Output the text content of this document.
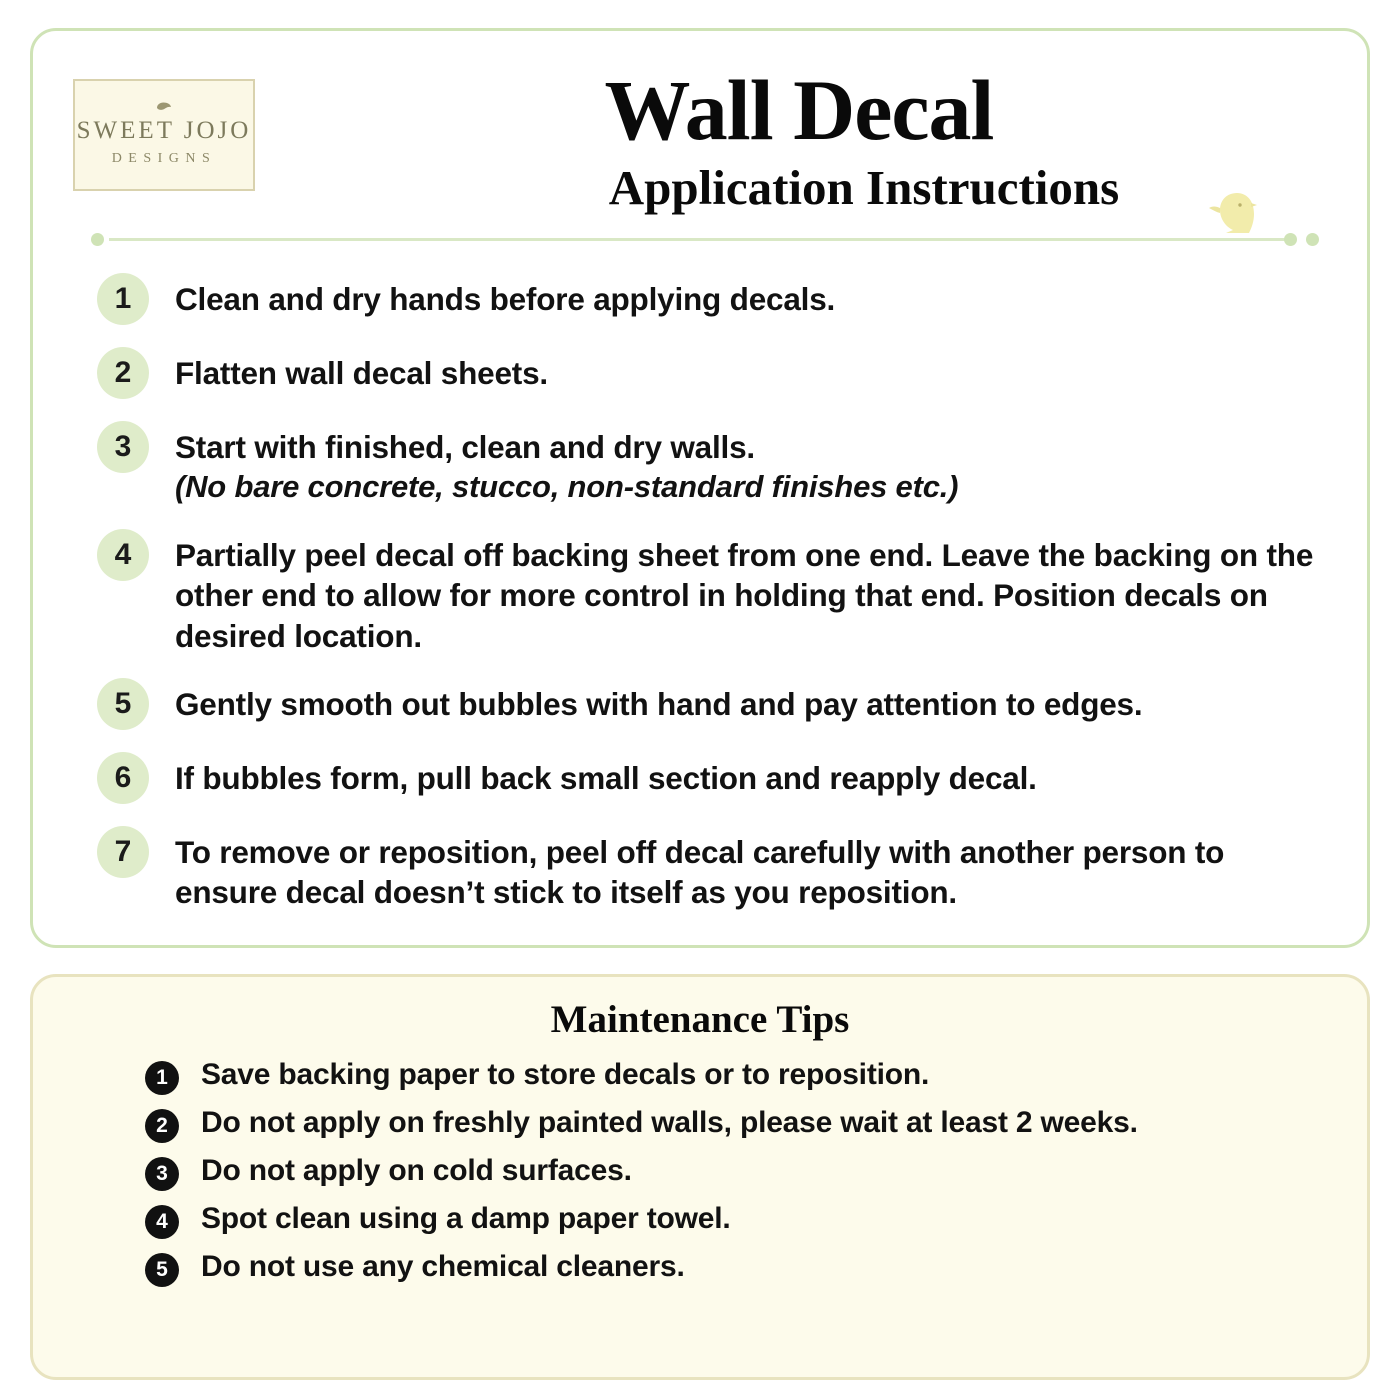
SWEET JOJO
DESIGNS
Wall Decal
Application Instructions
1	Clean and dry hands before applying decals.
2	Flatten wall decal sheets.
3	Start with finished, clean and dry walls.
(No bare concrete, stucco, non-standard finishes etc.)
4	Partially peel decal off backing sheet from one end. Leave the backing on the other end to allow for more control in holding that end. Position decals on desired location.
5	Gently smooth out bubbles with hand and pay attention to edges.
6	If bubbles form, pull back small section and reapply decal.
7	To remove or reposition, peel off decal carefully with another person to ensure decal doesn’t stick to itself as you reposition.
Maintenance Tips
1	Save backing paper to store decals or to reposition.
2	Do not apply on freshly painted walls, please wait at least 2 weeks.
3	Do not apply on cold surfaces.
4	Spot clean using a damp paper towel.
5	Do not use any chemical cleaners.
